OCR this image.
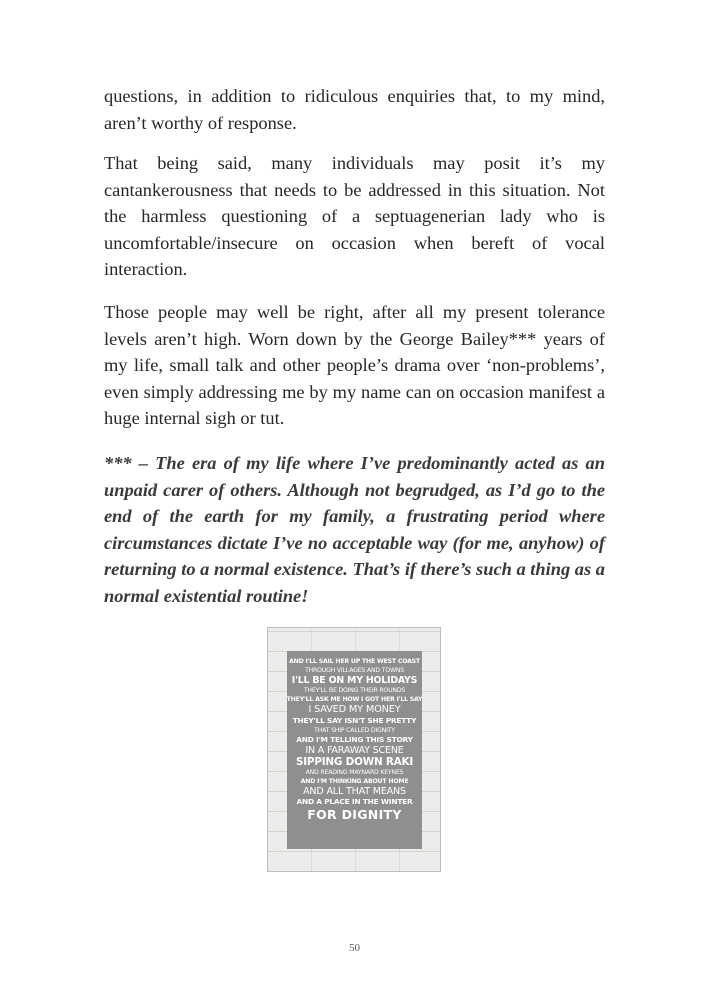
questions, in addition to ridiculous enquiries that, to my mind, aren’t worthy of response.

That being said, many individuals may posit it’s my cantankerousness that needs to be addressed in this situation. Not the harmless questioning of a septuagenerian lady who is uncomfortable/insecure on occasion when bereft of vocal interaction.

Those people may well be right, after all my present tolerance levels aren’t high. Worn down by the George Bailey*** years of my life, small talk and other people’s drama over ‘non-problems’, even simply addressing me by my name can on occasion manifest a huge internal sigh or tut.

*** – The era of my life where I’ve predominantly acted as an unpaid carer of others. Although not begrudged, as I’d go to the end of the earth for my family, a frustrating period where circumstances dictate I’ve no acceptable way (for me, anyhow) of returning to a normal existence. That’s if there’s such a thing as a normal existential routine!

AND I'LL SAIL HER UP THE WEST COAST
THROUGH VILLAGES AND TOWNS
I'LL BE ON MY HOLIDAYS
THEY'LL BE DOING THEIR ROUNDS
THEY'LL ASK ME HOW I GOT HER I'LL SAY
I SAVED MY MONEY
THEY'LL SAY ISN'T SHE PRETTY
THAT SHIP CALLED DIGNITY
AND I'M TELLING THIS STORY
IN A FARAWAY SCENE
SIPPING DOWN RAKI
AND READING MAYNARD KEYNES
AND I'M THINKING ABOUT HOME
AND ALL THAT MEANS
AND A PLACE IN THE WINTER
FOR DIGNITY
50
